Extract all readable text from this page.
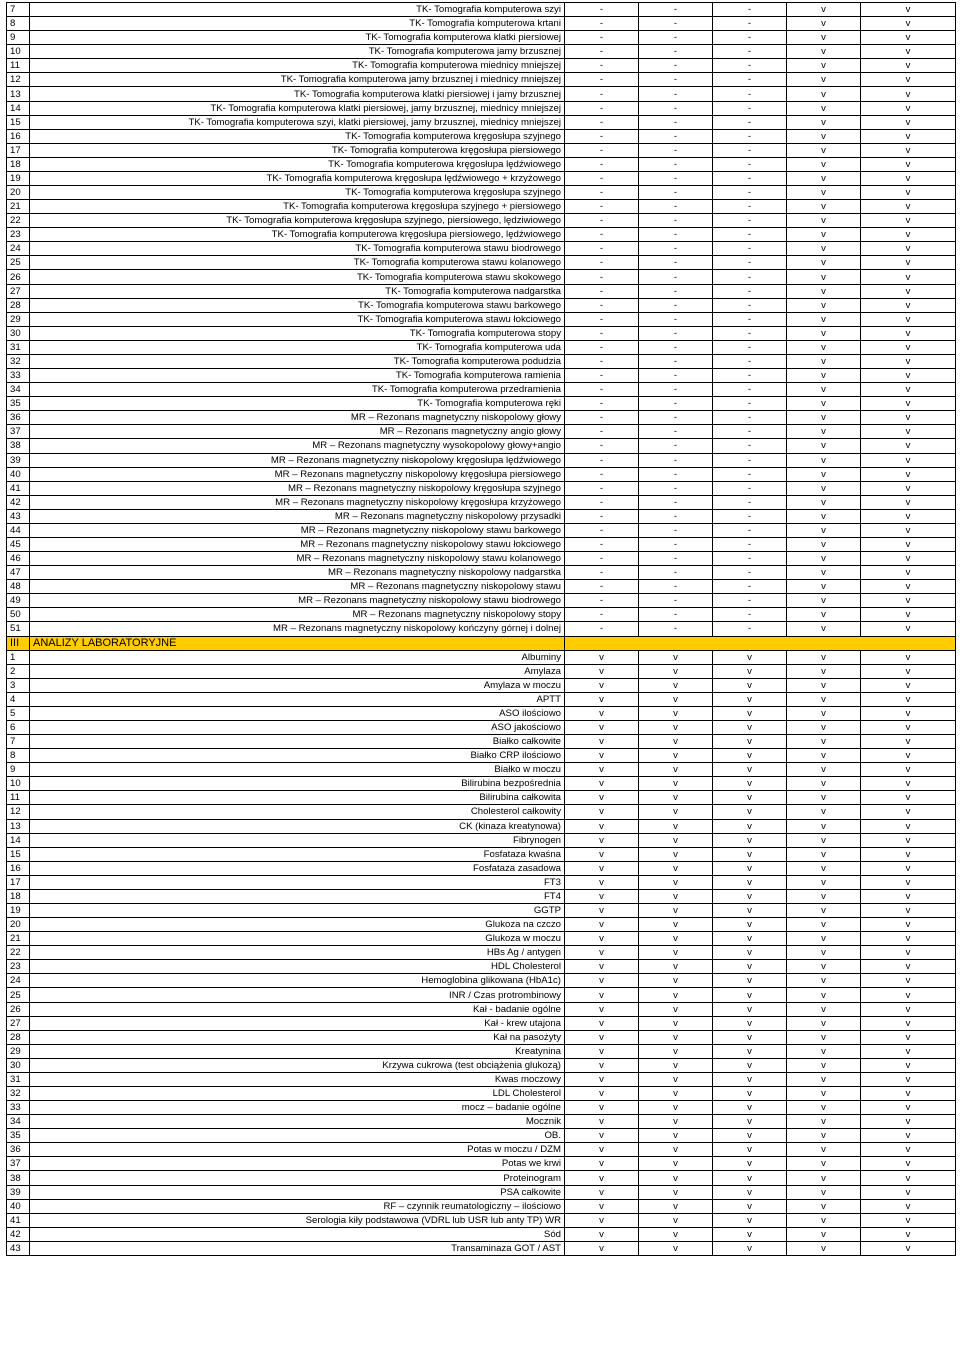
7	TK- Tomografia komputerowa szyi	-	-	-	v	v
8	TK- Tomografia komputerowa krtani	-	-	-	v	v
9	TK- Tomografia komputerowa klatki piersiowej	-	-	-	v	v
10	TK- Tomografia komputerowa jamy brzusznej	-	-	-	v	v
11	TK- Tomografia komputerowa miednicy mniejszej	-	-	-	v	v
12	TK- Tomografia komputerowa jamy brzusznej i miednicy mniejszej	-	-	-	v	v
13	TK- Tomografia komputerowa klatki piersiowej i jamy brzusznej	-	-	-	v	v
14	TK- Tomografia komputerowa klatki piersiowej, jamy brzusznej, miednicy mniejszej	-	-	-	v	v
15	TK- Tomografia komputerowa szyi, klatki piersiowej, jamy brzusznej, miednicy mniejszej	-	-	-	v	v
16	TK- Tomografia komputerowa kręgosłupa szyjnego	-	-	-	v	v
17	TK- Tomografia komputerowa kręgosłupa piersiowego	-	-	-	v	v
18	TK- Tomografia komputerowa kręgosłupa lędźwiowego	-	-	-	v	v
19	TK- Tomografia komputerowa kręgosłupa lędźwiowego + krzyżowego	-	-	-	v	v
20	TK- Tomografia komputerowa kręgosłupa szyjnego	-	-	-	v	v
21	TK- Tomografia komputerowa kręgosłupa szyjnego + piersiowego	-	-	-	v	v
22	TK- Tomografia komputerowa kręgosłupa szyjnego, piersiowego, lędziwiowego	-	-	-	v	v
23	TK- Tomografia komputerowa kręgosłupa piersiowego, lędźwiowego	-	-	-	v	v
24	TK- Tomografia komputerowa stawu biodrowego	-	-	-	v	v
25	TK- Tomografia komputerowa stawu kolanowego	-	-	-	v	v
26	TK- Tomografia komputerowa stawu skokowego	-	-	-	v	v
27	TK- Tomografia komputerowa nadgarstka	-	-	-	v	v
28	TK- Tomografia komputerowa stawu barkowego	-	-	-	v	v
29	TK- Tomografia komputerowa stawu łokciowego	-	-	-	v	v
30	TK- Tomografia komputerowa stopy	-	-	-	v	v
31	TK- Tomografia komputerowa uda	-	-	-	v	v
32	TK- Tomografia komputerowa podudzia	-	-	-	v	v
33	TK- Tomografia komputerowa ramienia	-	-	-	v	v
34	TK- Tomografia komputerowa przedramienia	-	-	-	v	v
35	TK- Tomografia komputerowa ręki	-	-	-	v	v
36	MR – Rezonans magnetyczny niskopolowy głowy	-	-	-	v	v
37	MR – Rezonans magnetyczny angio głowy	-	-	-	v	v
38	MR – Rezonans magnetyczny wysokopolowy głowy+angio	-	-	-	v	v
39	MR – Rezonans magnetyczny niskopolowy kręgosłupa lędźwiowego	-	-	-	v	v
40	MR – Rezonans magnetyczny niskopolowy kręgosłupa piersiowego	-	-	-	v	v
41	MR – Rezonans magnetyczny niskopolowy kręgosłupa szyjnego	-	-	-	v	v
42	MR – Rezonans magnetyczny niskopolowy kręgosłupa krzyżowego	-	-	-	v	v
43	MR – Rezonans magnetyczny niskopolowy przysadki	-	-	-	v	v
44	MR – Rezonans magnetyczny niskopolowy stawu barkowego	-	-	-	v	v
45	MR – Rezonans magnetyczny niskopolowy stawu łokciowego	-	-	-	v	v
46	MR – Rezonans magnetyczny niskopolowy stawu kolanowego	-	-	-	v	v
47	MR – Rezonans magnetyczny niskopolowy nadgarstka	-	-	-	v	v
48	MR – Rezonans magnetyczny niskopolowy stawu	-	-	-	v	v
49	MR – Rezonans magnetyczny niskopolowy stawu biodrowego	-	-	-	v	v
50	MR – Rezonans magnetyczny niskopolowy stopy	-	-	-	v	v
51	MR – Rezonans magnetyczny niskopolowy kończyny górnej i dolnej	-	-	-	v	v
III	ANALIZY LABORATORYJNE					
1	Albuminy	v	v	v	v	v
2	Amylaza	v	v	v	v	v
3	Amylaza w moczu	v	v	v	v	v
4	APTT	v	v	v	v	v
5	ASO ilościowo	v	v	v	v	v
6	ASO jakościowo	v	v	v	v	v
7	Białko całkowite	v	v	v	v	v
8	Białko CRP ilościowo	v	v	v	v	v
9	Białko w moczu	v	v	v	v	v
10	Bilirubina bezpośrednia	v	v	v	v	v
11	Bilirubina całkowita	v	v	v	v	v
12	Cholesterol całkowity	v	v	v	v	v
13	CK (kinaza kreatynowa)	v	v	v	v	v
14	Fibrynogen	v	v	v	v	v
15	Fosfataza kwaśna	v	v	v	v	v
16	Fosfataza zasadowa	v	v	v	v	v
17	FT3	v	v	v	v	v
18	FT4	v	v	v	v	v
19	GGTP	v	v	v	v	v
20	Glukoza na czczo	v	v	v	v	v
21	Glukoza w moczu	v	v	v	v	v
22	HBs Ag / antygen	v	v	v	v	v
23	HDL Cholesterol	v	v	v	v	v
24	Hemoglobina glikowana (HbA1c)	v	v	v	v	v
25	INR / Czas protrombinowy	v	v	v	v	v
26	Kał - badanie ogólne	v	v	v	v	v
27	Kał - krew utajona	v	v	v	v	v
28	Kał na pasożyty	v	v	v	v	v
29	Kreatynina	v	v	v	v	v
30	Krzywa cukrowa (test obciążenia glukozą)	v	v	v	v	v
31	Kwas moczowy	v	v	v	v	v
32	LDL Cholesterol	v	v	v	v	v
33	mocz – badanie ogólne	v	v	v	v	v
34	Mocznik	v	v	v	v	v
35	OB.	v	v	v	v	v
36	Potas w moczu / DZM	v	v	v	v	v
37	Potas we krwi	v	v	v	v	v
38	Proteinogram	v	v	v	v	v
39	PSA całkowite	v	v	v	v	v
40	RF – czynnik reumatologiczny – ilościowo	v	v	v	v	v
41	Serologia kiły podstawowa (VDRL lub USR lub anty TP) WR	v	v	v	v	v
42	Sód	v	v	v	v	v
43	Transaminaza GOT / AST	v	v	v	v	v
